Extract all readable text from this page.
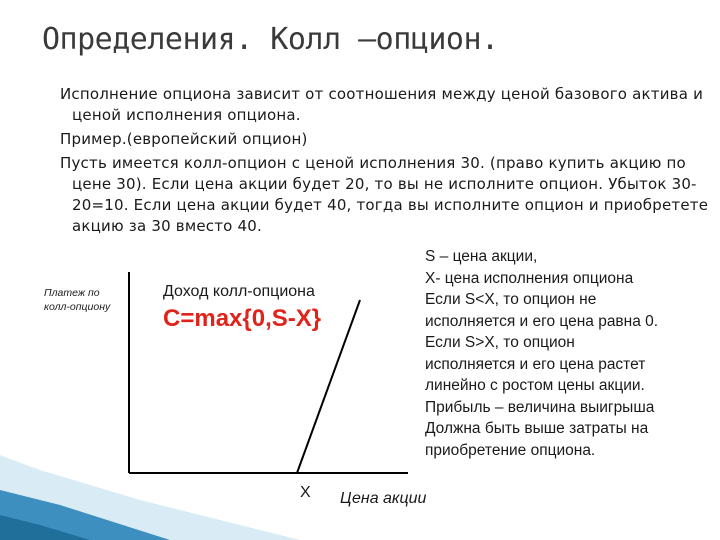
Определения. Колл –опцион.

Исполнение опциона зависит от соотношения между ценой базового актива и ценой исполнения опциона.

Пример.(европейский опцион)

Пусть имеется колл-опцион с ценой исполнения 30. (право купить акцию по цене 30). Если цена акции будет 20, то вы не исполните опцион. Убыток 30-20=10. Если цена акции будет 40, тогда вы исполните опцион и приобретете акцию за 30 вместо 40.

Платеж по колл-опциону
Доход колл-опциона
C=max{0,S-X}
X Цена акции
S – цена акции,
X- цена исполнения опциона
Если S<X, то опцион не
исполняется и его цена равна 0.
Если S>X, то опцион
исполняется и его цена растет
линейно с ростом цены акции.
Прибыль – величина выигрыша
Должна быть выше затраты на
приобретение опциона.
